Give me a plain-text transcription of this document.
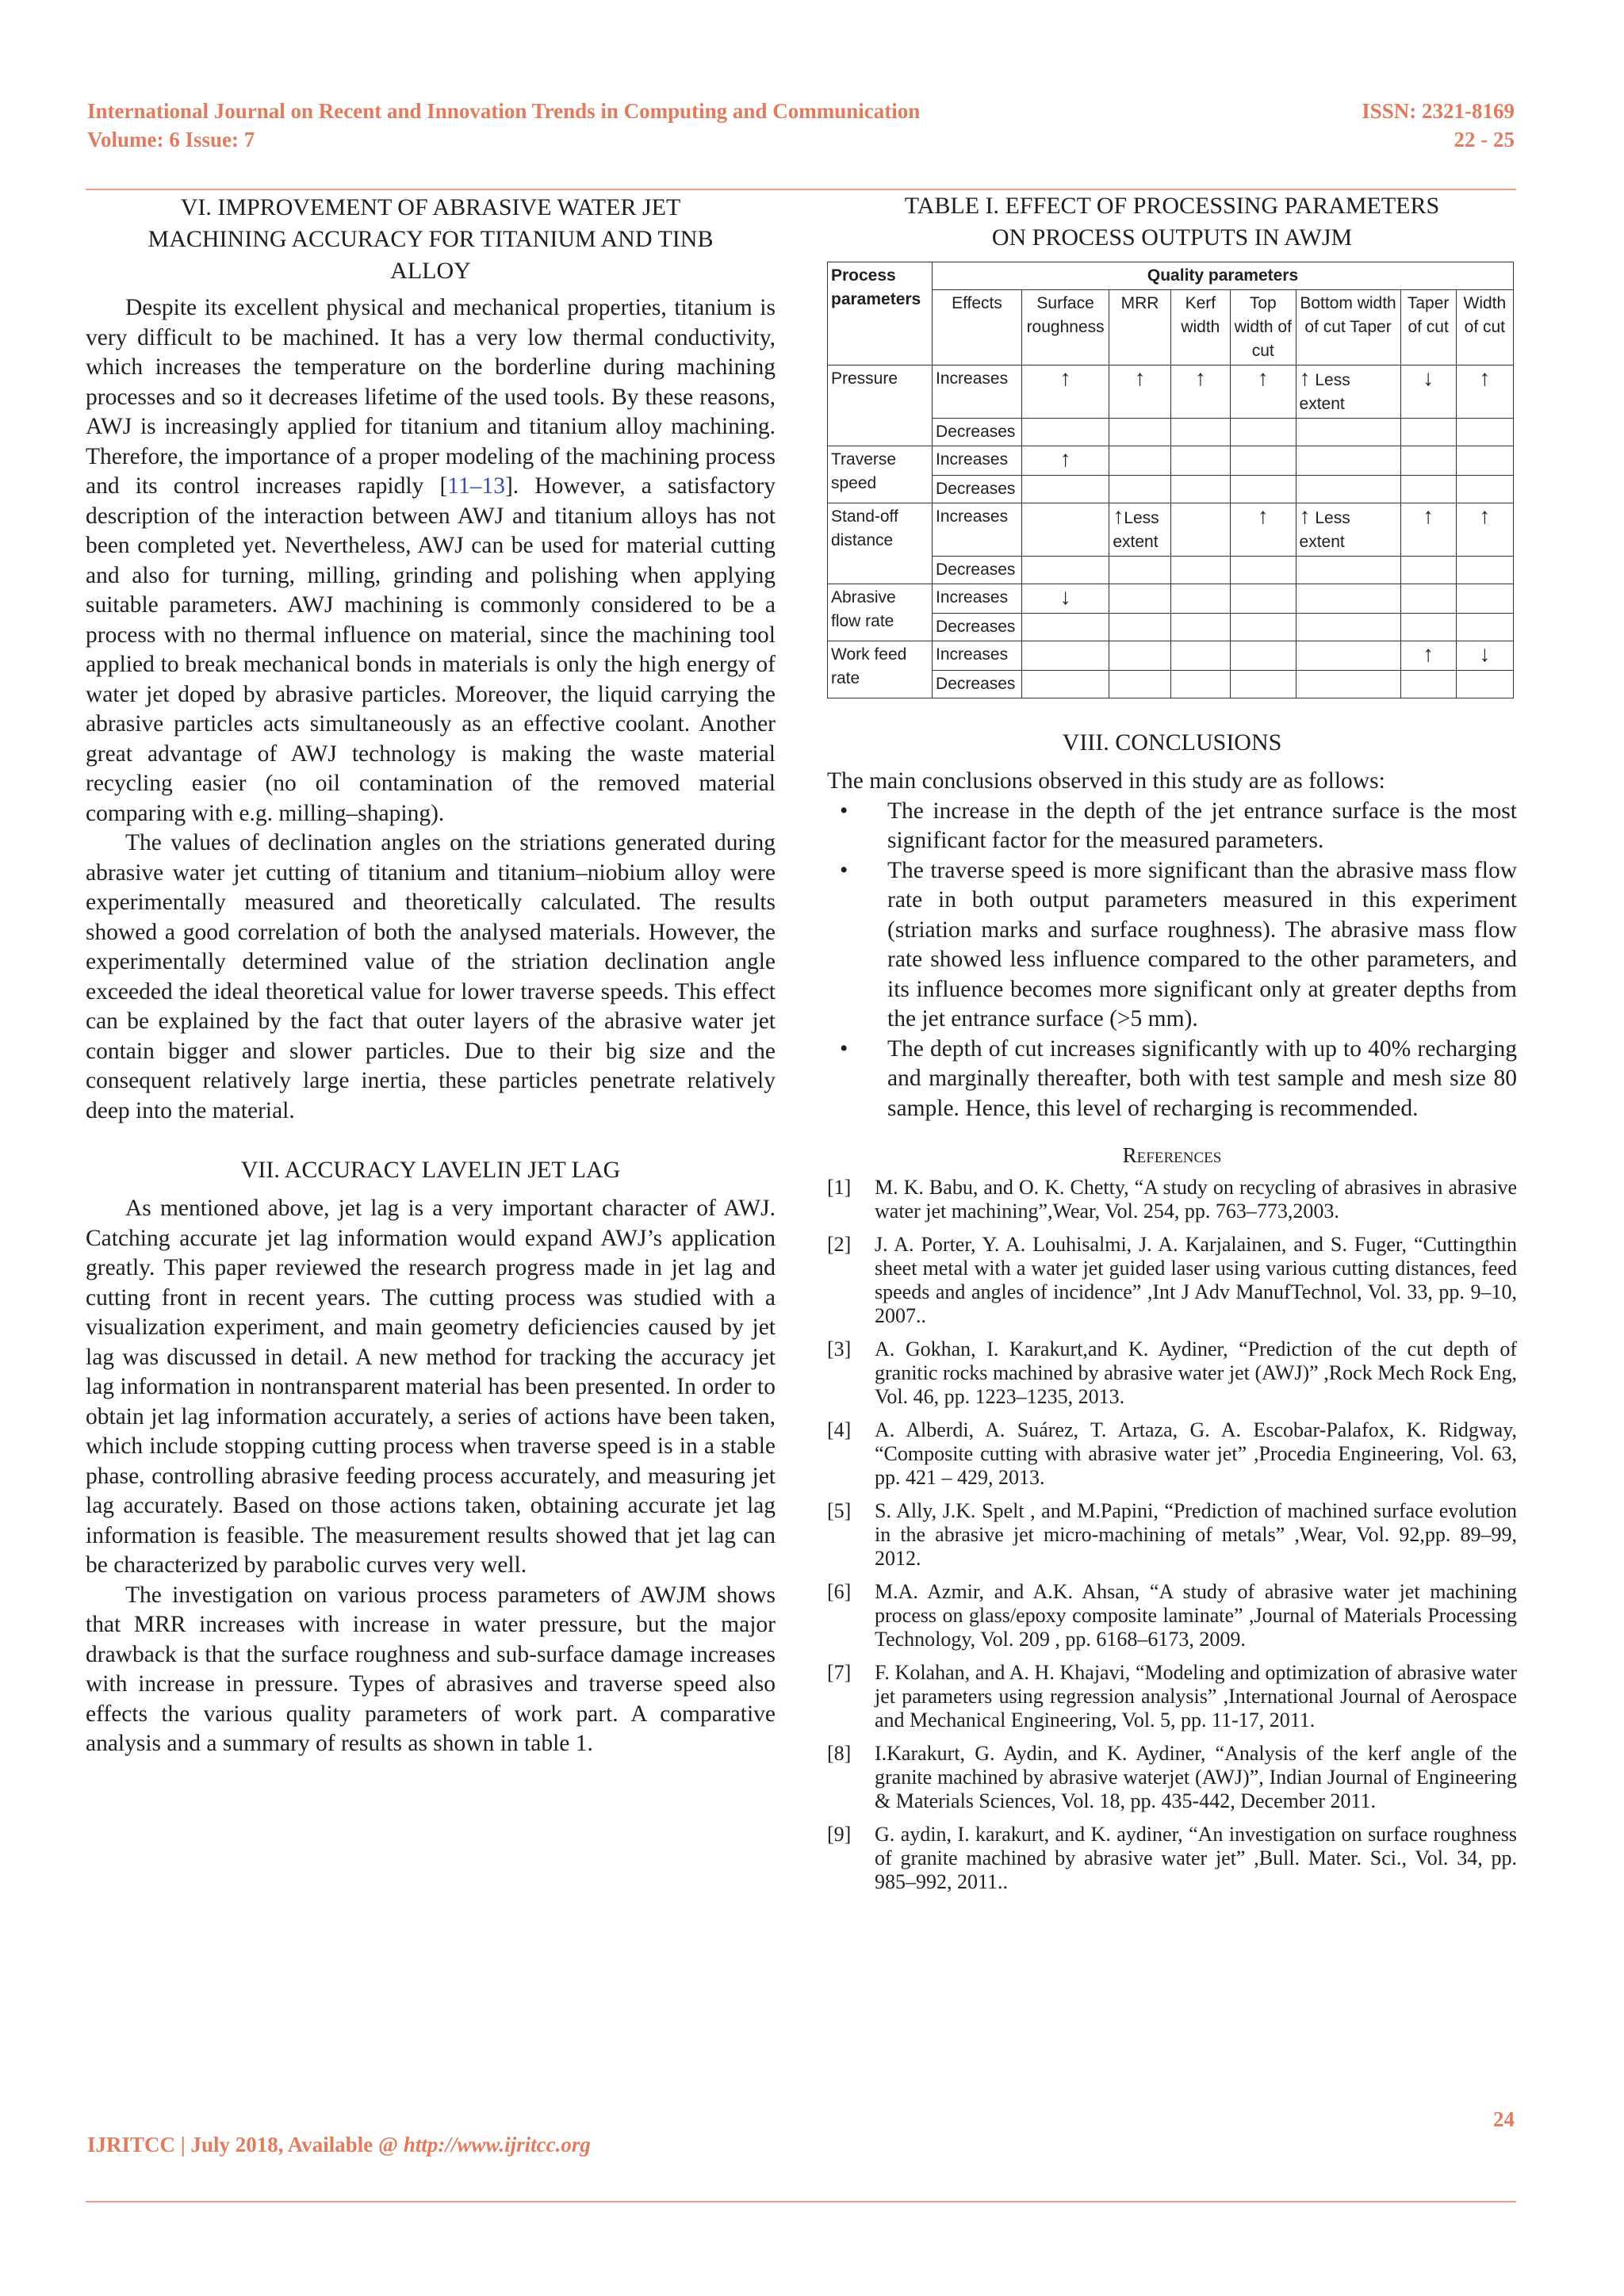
International Journal on Recent and Innovation Trends in Computing and Communication
Volume: 6 Issue: 7
ISSN: 2321-8169
22 - 25
VI. IMPROVEMENT OF ABRASIVE WATER JET
MACHINING ACCURACY FOR TITANIUM AND TINB
ALLOY

Despite its excellent physical and mechanical properties, titanium is very difficult to be machined. It has a very low thermal conductivity, which increases the temperature on the borderline during machining processes and so it decreases lifetime of the used tools. By these reasons, AWJ is increasingly applied for titanium and titanium alloy machining. Therefore, the importance of a proper modeling of the machining process and its control increases rapidly [11–13]. However, a satisfactory description of the interaction between AWJ and titanium alloys has not been completed yet. Nevertheless, AWJ can be used for material cutting and also for turning, milling, grinding and polishing when applying suitable parameters. AWJ machining is commonly considered to be a process with no thermal influence on material, since the machining tool applied to break mechanical bonds in materials is only the high energy of water jet doped by abrasive particles. Moreover, the liquid carrying the abrasive particles acts simultaneously as an effective coolant. Another great advantage of AWJ technology is making the waste material recycling easier (no oil contamination of the removed material comparing with e.g. milling–shaping).

The values of declination angles on the striations generated during abrasive water jet cutting of titanium and titanium–niobium alloy were experimentally measured and theoretically calculated. The results showed a good correlation of both the analysed materials. However, the experimentally determined value of the striation declination angle exceeded the ideal theoretical value for lower traverse speeds. This effect can be explained by the fact that outer layers of the abrasive water jet contain bigger and slower particles. Due to their big size and the consequent relatively large inertia, these particles penetrate relatively deep into the material.

VII. ACCURACY LAVELIN JET LAG

As mentioned above, jet lag is a very important character of AWJ. Catching accurate jet lag information would expand AWJ’s application greatly. This paper reviewed the research progress made in jet lag and cutting front in recent years. The cutting process was studied with a visualization experiment, and main geometry deficiencies caused by jet lag was discussed in detail. A new method for tracking the accuracy jet lag information in nontransparent material has been presented. In order to obtain jet lag information accurately, a series of actions have been taken, which include stopping cutting process when traverse speed is in a stable phase, controlling abrasive feeding process accurately, and measuring jet lag accurately. Based on those actions taken, obtaining accurate jet lag information is feasible. The measurement results showed that jet lag can be characterized by parabolic curves very well.

The investigation on various process parameters of AWJM shows that MRR increases with increase in water pressure, but the major drawback is that the surface roughness and sub-surface damage increases with increase in pressure. Types of abrasives and traverse speed also effects the various quality parameters of work part. A comparative analysis and a summary of results as shown in table 1.

TABLE I. EFFECT OF PROCESSING PARAMETERS
ON PROCESS OUTPUTS IN AWJM
Process parameters	Quality parameters							
	Effects	Surface roughness	MRR	Kerf width	Top width of cut	Bottom width of cut Taper	Taper of cut	Width of cut
Pressure	Increases	↑	↑	↑	↑	↑ Less extent	↓	↑
	Decreases							
Traverse speed	Increases	↑						
	Decreases							
Stand-off distance	Increases		↑Less extent		↑	↑ Less extent	↑	↑
	Decreases							
Abrasive flow rate	Increases	↓						
	Decreases							
Work feed rate	Increases						↑	↓
	Decreases							
VIII. CONCLUSIONS

The main conclusions observed in this study are as follows:

• The increase in the depth of the jet entrance surface is the most significant factor for the measured parameters.
• The traverse speed is more significant than the abrasive mass flow rate in both output parameters measured in this experiment (striation marks and surface roughness). The abrasive mass flow rate showed less influence compared to the other parameters, and its influence becomes more significant only at greater depths from the jet entrance surface (>5 mm).
• The depth of cut increases significantly with up to 40% recharging and marginally thereafter, both with test sample and mesh size 80 sample. Hence, this level of recharging is recommended.
References
[1] M. K. Babu, and O. K. Chetty, “A study on recycling of abrasives in abrasive water jet machining”,Wear, Vol. 254, pp. 763–773,2003.
[2] J. A. Porter, Y. A. Louhisalmi, J. A. Karjalainen, and S. Fuger, “Cuttingthin sheet metal with a water jet guided laser using various cutting distances, feed speeds and angles of incidence” ,Int J Adv ManufTechnol, Vol. 33, pp. 9–10, 2007..
[3] A. Gokhan, I. Karakurt,and K. Aydiner, “Prediction of the cut depth of granitic rocks machined by abrasive water jet (AWJ)” ,Rock Mech Rock Eng, Vol. 46, pp. 1223–1235, 2013.
[4] A. Alberdi, A. Suárez, T. Artaza, G. A. Escobar-Palafox, K. Ridgway, “Composite cutting with abrasive water jet” ,Procedia Engineering, Vol. 63, pp. 421 – 429, 2013.
[5] S. Ally, J.K. Spelt , and M.Papini, “Prediction of machined surface evolution in the abrasive jet micro-machining of metals” ,Wear, Vol. 92,pp. 89–99, 2012.
[6] M.A. Azmir, and A.K. Ahsan, “A study of abrasive water jet machining process on glass/epoxy composite laminate” ,Journal of Materials Processing Technology, Vol. 209 , pp. 6168–6173, 2009.
[7] F. Kolahan, and A. H. Khajavi, “Modeling and optimization of abrasive water jet parameters using regression analysis” ,International Journal of Aerospace and Mechanical Engineering, Vol. 5, pp. 11-17, 2011.
[8] I.Karakurt, G. Aydin, and K. Aydiner, “Analysis of the kerf angle of the granite machined by abrasive waterjet (AWJ)”, Indian Journal of Engineering & Materials Sciences, Vol. 18, pp. 435-442, December 2011.
[9] G. aydin, I. karakurt, and K. aydiner, “An investigation on surface roughness of granite machined by abrasive water jet” ,Bull. Mater. Sci., Vol. 34, pp. 985–992, 2011..
24
IJRITCC | July 2018, Available @ http://www.ijritcc.org
